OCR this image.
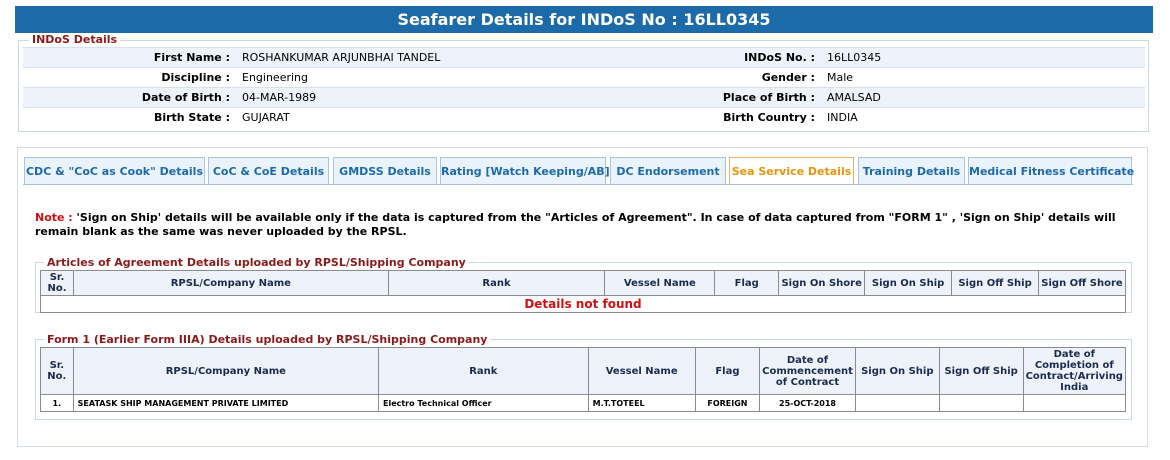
Seafarer Details for INDoS No : 16LL0345
INDoS Details
First Name :	ROSHANKUMAR ARJUNBHAI TANDEL	INDoS No. :	16LL0345
Discipline :	Engineering	Gender :	Male
Date of Birth :	04-MAR-1989	Place of Birth :	AMALSAD
Birth State :	GUJARAT	Birth Country :	INDIA
CDC & "CoC as Cook" Details CoC & CoE Details	GMDSS Details Rating [Watch Keeping/AB] DC Endorsement	Sea Service Details	Training Details Medical Fitness Certificate
Note : 'Sign on Ship' details will be available only if the data is captured from the "Articles of Agreement". In case of data captured from "FORM 1" , 'Sign on Ship' details will remain blank as the same was never uploaded by the RPSL.
Articles of Agreement Details uploaded by RPSL/Shipping Company
Sr. No.	RPSL/Company Name	Rank	Vessel Name	Flag	Sign On Shore	Sign On Ship	Sign Off Ship	Sign Off Shore
Details not found
Form 1 (Earlier Form IIIA) Details uploaded by RPSL/Shipping Company
Sr. No.	RPSL/Company Name	Rank	Vessel Name	Flag	Date of Commencement of Contract	Sign On Ship	Sign Off Ship	Date of Completion of Contract/Arriving India
1.	SEATASK SHIP MANAGEMENT PRIVATE LIMITED	Electro Technical Officer	M.T.TOTEEL	FOREIGN	25-OCT-2018			
